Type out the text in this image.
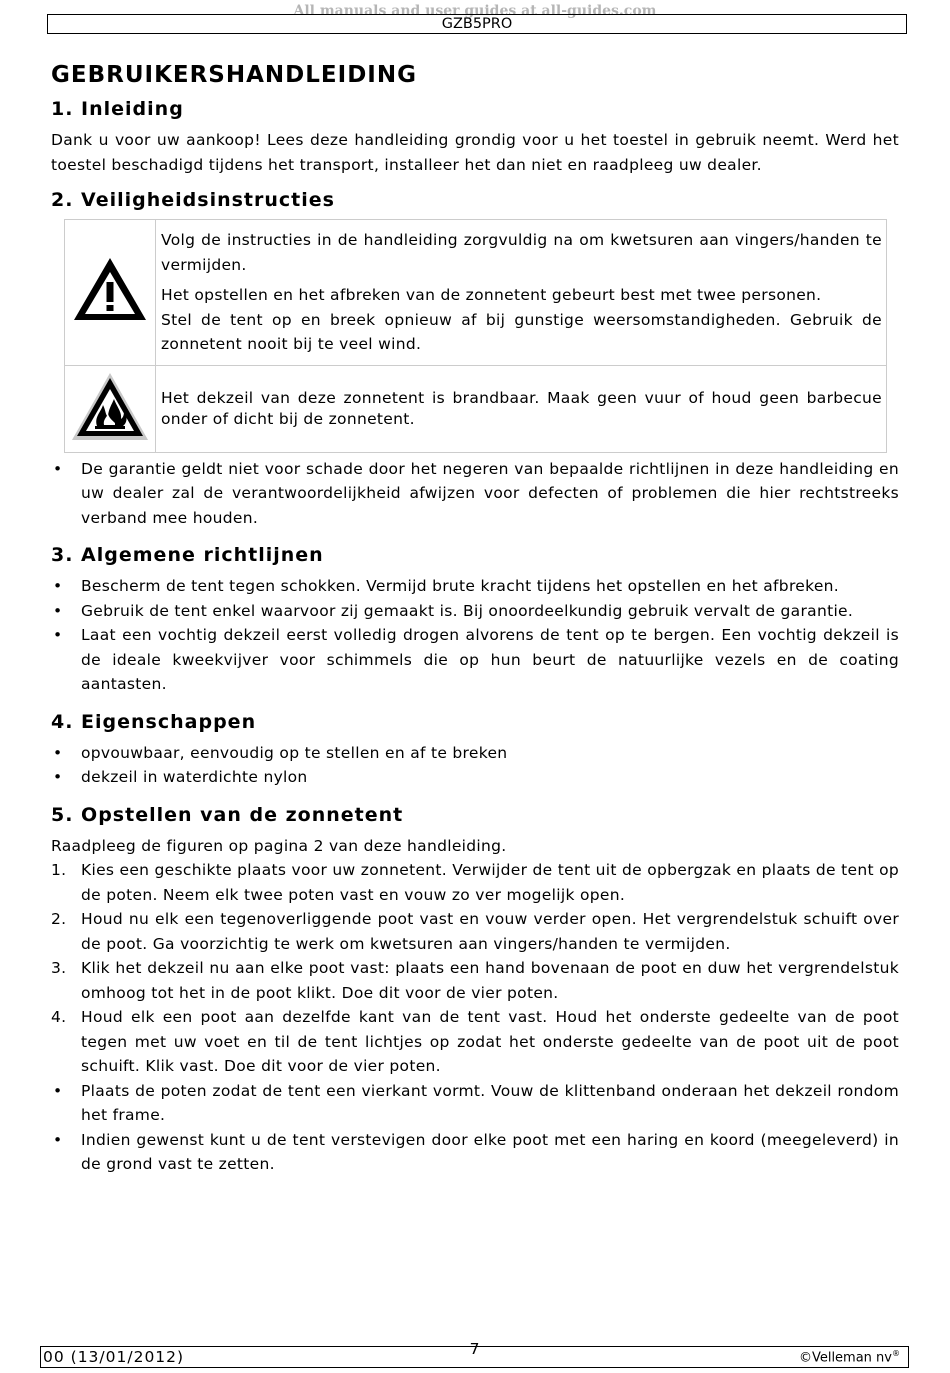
All manuals and user guides at all-guides.com
GZB5PRO
GEBRUIKERSHANDLEIDING
1. Inleiding

Dank u voor uw aankoop! Lees deze handleiding grondig voor u het toestel in gebruik neemt. Werd het toestel beschadigd tijdens het transport, installeer het dan niet en raadpleeg uw dealer.

2. Veiligheidsinstructies

Volg de instructies in de handleiding zorgvuldig na om kwetsuren aan vingers/handen te vermijden.

Het opstellen en het afbreken van de zonnetent gebeurt best met twee personen.

Stel de tent op en breek opnieuw af bij gunstige weersomstandigheden. Gebruik de zonnetent nooit bij te veel wind.

Het dekzeil van deze zonnetent is brandbaar. Maak geen vuur of houd geen barbecue onder of dicht bij de zonnetent.

•	De garantie geldt niet voor schade door het negeren van bepaalde richtlijnen in deze handleiding en uw dealer zal de verantwoordelijkheid afwijzen voor defecten of problemen die hier rechtstreeks verband mee houden.
3. Algemene richtlijnen
•	Bescherm de tent tegen schokken. Vermijd brute kracht tijdens het opstellen en het afbreken.
•	Gebruik de tent enkel waarvoor zij gemaakt is. Bij onoordeelkundig gebruik vervalt de garantie.
•	Laat een vochtig dekzeil eerst volledig drogen alvorens de tent op te bergen. Een vochtig dekzeil is de ideale kweekvijver voor schimmels die op hun beurt de natuurlijke vezels en de coating aantasten.
4. Eigenschappen
•	opvouwbaar, eenvoudig op te stellen en af te breken
•	dekzeil in waterdichte nylon
5. Opstellen van de zonnetent

Raadpleeg de figuren op pagina 2 van deze handleiding.

1. Kies een geschikte plaats voor uw zonnetent. Verwijder de tent uit de opbergzak en plaats de tent op de poten. Neem elk twee poten vast en vouw zo ver mogelijk open.
2. Houd nu elk een tegenoverliggende poot vast en vouw verder open. Het vergrendelstuk schuift over de poot. Ga voorzichtig te werk om kwetsuren aan vingers/handen te vermijden.
3. Klik het dekzeil nu aan elke poot vast: plaats een hand bovenaan de poot en duw het vergrendelstuk omhoog tot het in de poot klikt. Doe dit voor de vier poten.
4. Houd elk een poot aan dezelfde kant van de tent vast. Houd het onderste gedeelte van de poot tegen met uw voet en til de tent lichtjes op zodat het onderste gedeelte van de poot uit de poot schuift. Klik vast. Doe dit voor de vier poten.
•	Plaats de poten zodat de tent een vierkant vormt. Vouw de klittenband onderaan het dekzeil rondom het frame.
•	Indien gewenst kunt u de tent verstevigen door elke poot met een haring en koord (meegeleverd) in de grond vast te zetten.
00 (13/01/2012)	7	©Velleman nv®
